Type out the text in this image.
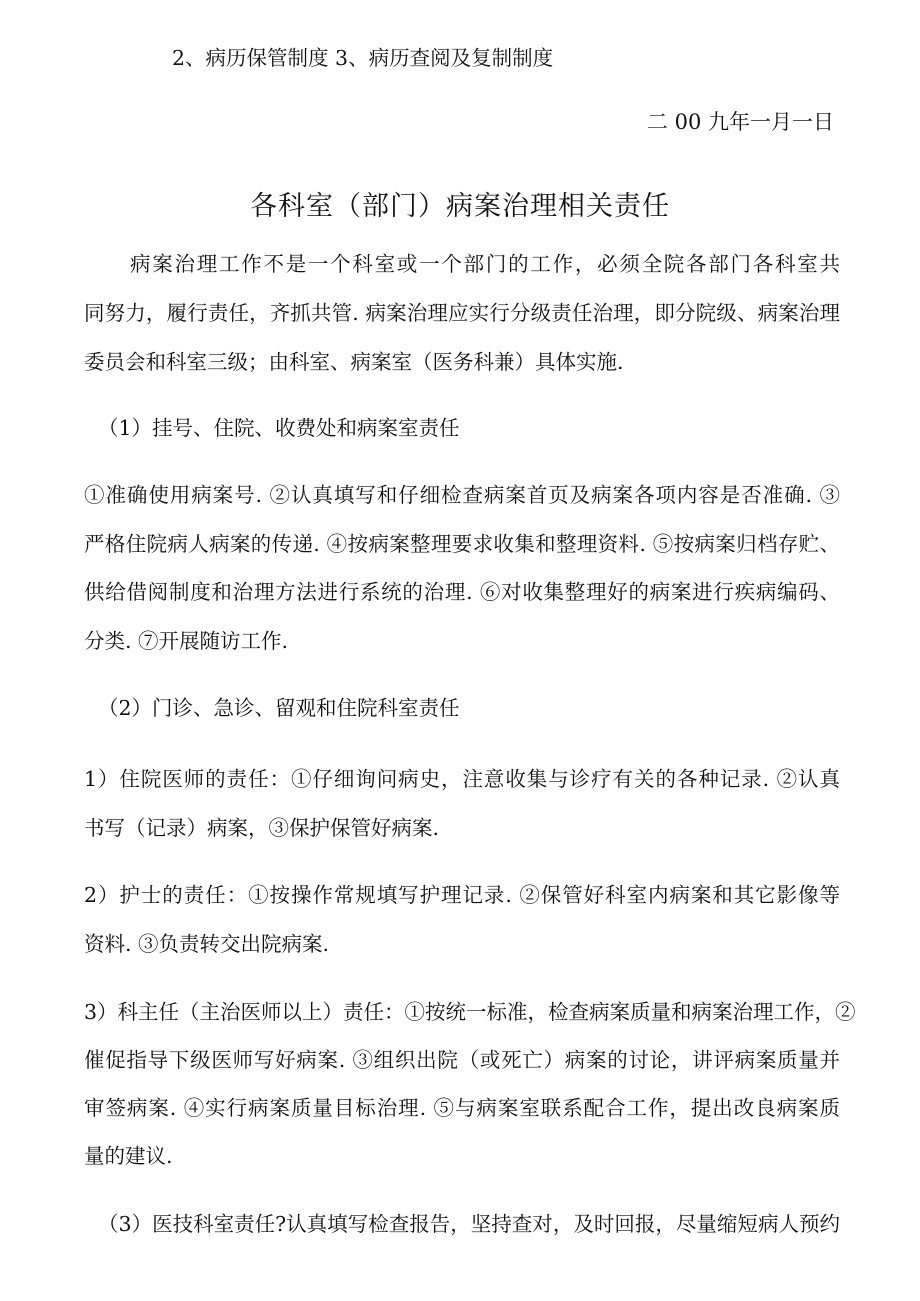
2、病历保管制度 3、病历查阅及复制制度
二 00 九年一月一日
各科室（部门）病案治理相关责任
病案治理工作不是一个科室或一个部门的工作，必须全院各部门各科室共
同努力，履行责任，齐抓共管. 病案治理应实行分级责任治理，即分院级、病案治理
委员会和科室三级；由科室、病案室（医务科兼）具体实施.
（1）挂号、住院、收费处和病案室责任
①准确使用病案号. ②认真填写和仔细检查病案首页及病案各项内容是否准确. ③
严格住院病人病案的传递. ④按病案整理要求收集和整理资料. ⑤按病案归档存贮、
供给借阅制度和治理方法进行系统的治理. ⑥对收集整理好的病案进行疾病编码、
分类. ⑦开展随访工作.
（2）门诊、急诊、留观和住院科室责任
1）住院医师的责任：①仔细询问病史，注意收集与诊疗有关的各种记录. ②认真
书写（记录）病案，③保护保管好病案.
2）护士的责任：①按操作常规填写护理记录. ②保管好科室内病案和其它影像等
资料. ③负责转交出院病案.
3）科主任（主治医师以上）责任：①按统一标准，检查病案质量和病案治理工作，②
催促指导下级医师写好病案. ③组织出院（或死亡）病案的讨论，讲评病案质量并
审签病案. ④实行病案质量目标治理. ⑤与病案室联系配合工作，提出改良病案质
量的建议.
（3）医技科室责任?认真填写检查报告，坚持查对，及时回报，尽量缩短病人预约
